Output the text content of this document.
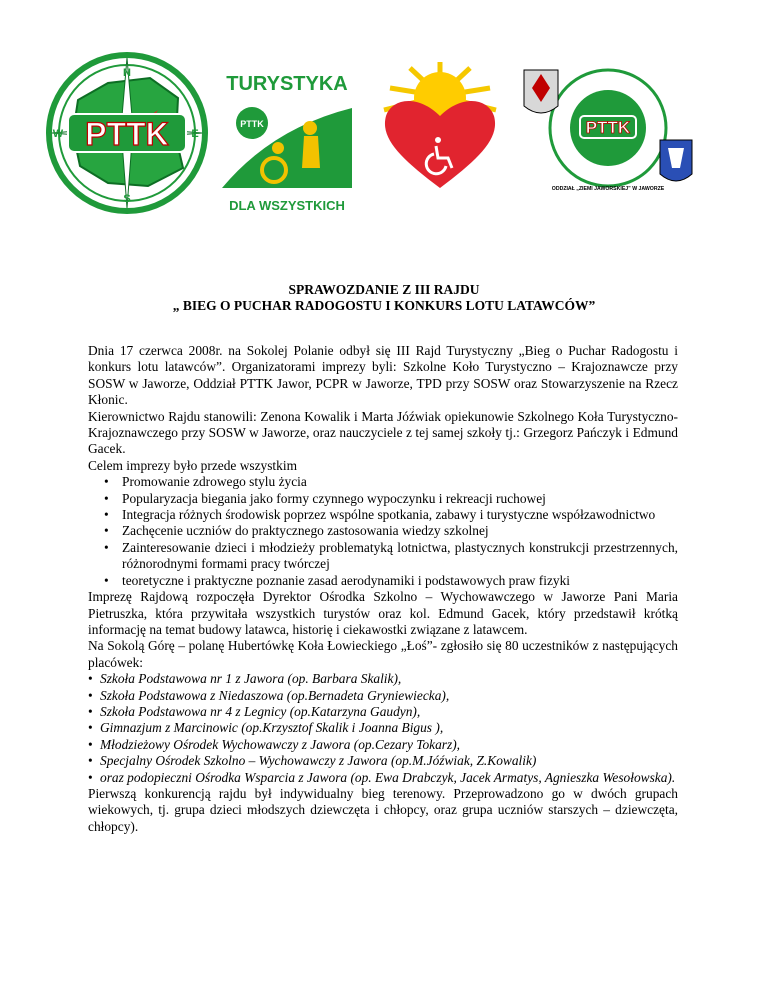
PTTK
N
S
E
W
TURYSTYKA
PTTK
DLA WSZYSTKICH
PTTK
ODDZIAŁ „ZIEMI JAWORSKIEJ” W JAWORZE
SPRAWOZDANIE Z III RAJDU
„ BIEG O PUCHAR RADOGOSTU I KONKURS LOTU LATAWCÓW”

Dnia 17 czerwca 2008r. na Sokolej Polanie odbył się III Rajd Turystyczny „Bieg o Puchar Radogostu i konkurs lotu latawców”. Organizatorami imprezy byli: Szkolne Koło Turystyczno – Krajoznawcze przy SOSW w Jaworze, Oddział PTTK Jawor, PCPR w Jaworze, TPD przy SOSW oraz Stowarzyszenie na Rzecz Kłonic.

Kierownictwo Rajdu stanowili: Zenona Kowalik i Marta Jóźwiak opiekunowie Szkolnego Koła Turystyczno-Krajoznawczego przy SOSW w Jaworze, oraz nauczyciele z tej samej szkoły tj.: Grzegorz Pańczyk i Edmund Gacek.

Celem imprezy było przede wszystkim

• Promowanie zdrowego stylu życia
• Popularyzacja biegania jako formy czynnego wypoczynku i rekreacji ruchowej
• Integracja różnych środowisk poprzez wspólne spotkania, zabawy i turystyczne współzawodnictwo
• Zachęcenie uczniów do praktycznego zastosowania wiedzy szkolnej
• Zainteresowanie dzieci i młodzieży problematyką lotnictwa, plastycznych konstrukcji przestrzennych, różnorodnymi formami pracy twórczej
• teoretyczne i praktyczne poznanie zasad aerodynamiki i podstawowych praw fizyki

Imprezę Rajdową rozpoczęła Dyrektor Ośrodka Szkolno – Wychowawczego w Jaworze Pani Maria Pietruszka, która przywitała wszystkich turystów oraz kol. Edmund Gacek, który przedstawił krótką informację na temat budowy latawca, historię i ciekawostki związane z latawcem.

Na Sokolą Górę – polanę Hubertówkę Koła Łowieckiego „Łoś”- zgłosiło się 80 uczestników z następujących placówek:

• Szkoła Podstawowa nr 1 z Jawora (op. Barbara Skalik),
• Szkoła Podstawowa z Niedaszowa (op.Bernadeta Gryniewiecka),
• Szkoła Podstawowa nr 4 z Legnicy (op.Katarzyna Gaudyn),
• Gimnazjum z Marcinowic (op.Krzysztof Skalik i Joanna Bigus ),
• Młodzieżowy Ośrodek Wychowawczy z Jawora (op.Cezary Tokarz),
• Specjalny Ośrodek Szkolno – Wychowawczy z Jawora (op.M.Jóźwiak, Z.Kowalik)
• oraz podopieczni Ośrodka Wsparcia z Jawora (op. Ewa Drabczyk, Jacek Armatys, Agnieszka Wesołowska).

Pierwszą konkurencją rajdu był indywidualny bieg terenowy. Przeprowadzono go w dwóch grupach wiekowych, tj. grupa dzieci młodszych dziewczęta i chłopcy, oraz grupa uczniów starszych – dziewczęta, chłopcy).
